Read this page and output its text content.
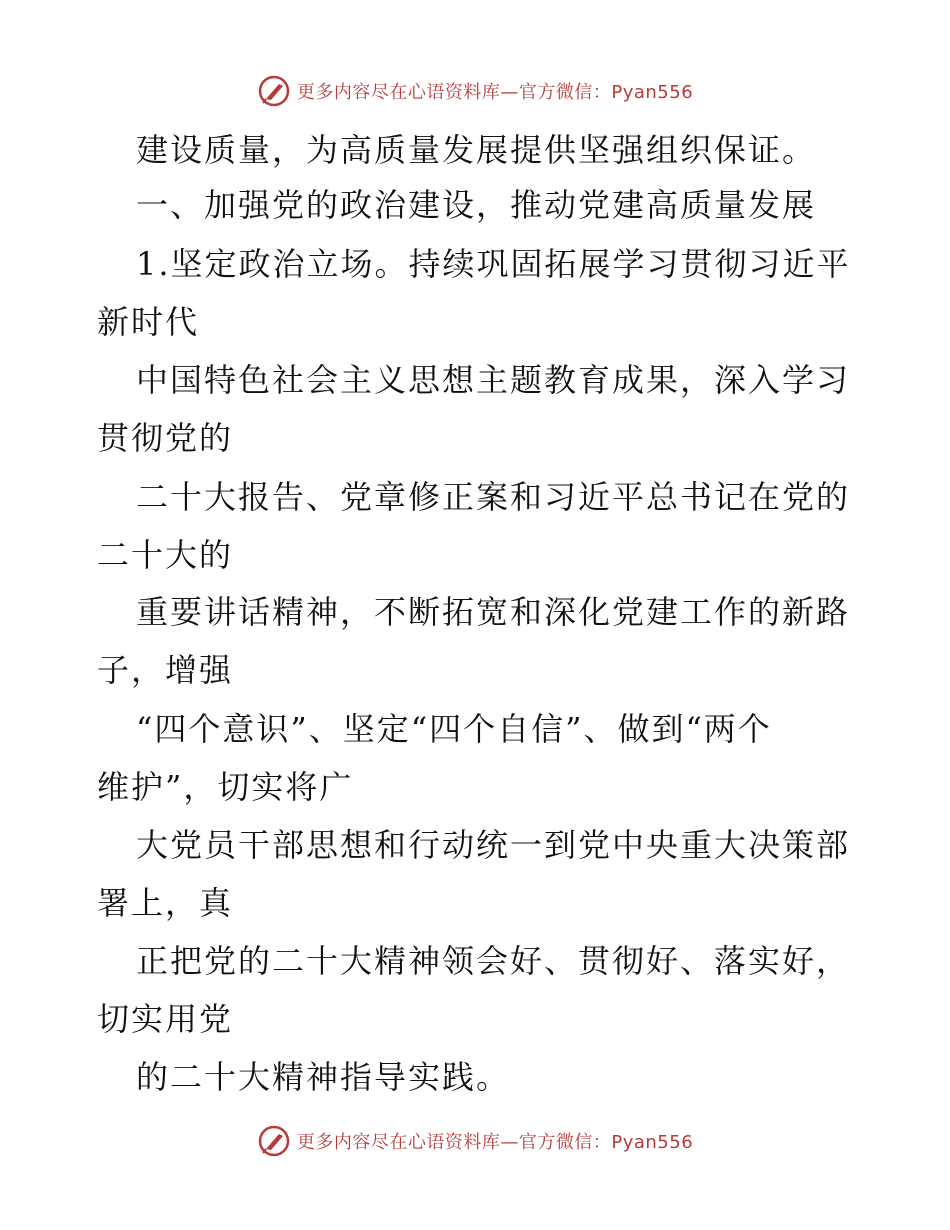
更多内容尽在心语资料库—官方微信：Pyan556
建设质量，为高质量发展提供坚强组织保证。
一、加强党的政治建设，推动党建高质量发展
1.坚定政治立场。持续巩固拓展学习贯彻习近平
新时代
中国特色社会主义思想主题教育成果，深入学习
贯彻党的
二十大报告、党章修正案和习近平总书记在党的
二十大的
重要讲话精神，不断拓宽和深化党建工作的新路
子，增强
“四个意识”、坚定“四个自信”、做到“两个
维护”，切实将广
大党员干部思想和行动统一到党中央重大决策部
署上，真
正把党的二十大精神领会好、贯彻好、落实好，
切实用党
的二十大精神指导实践。
更多内容尽在心语资料库—官方微信：Pyan556
